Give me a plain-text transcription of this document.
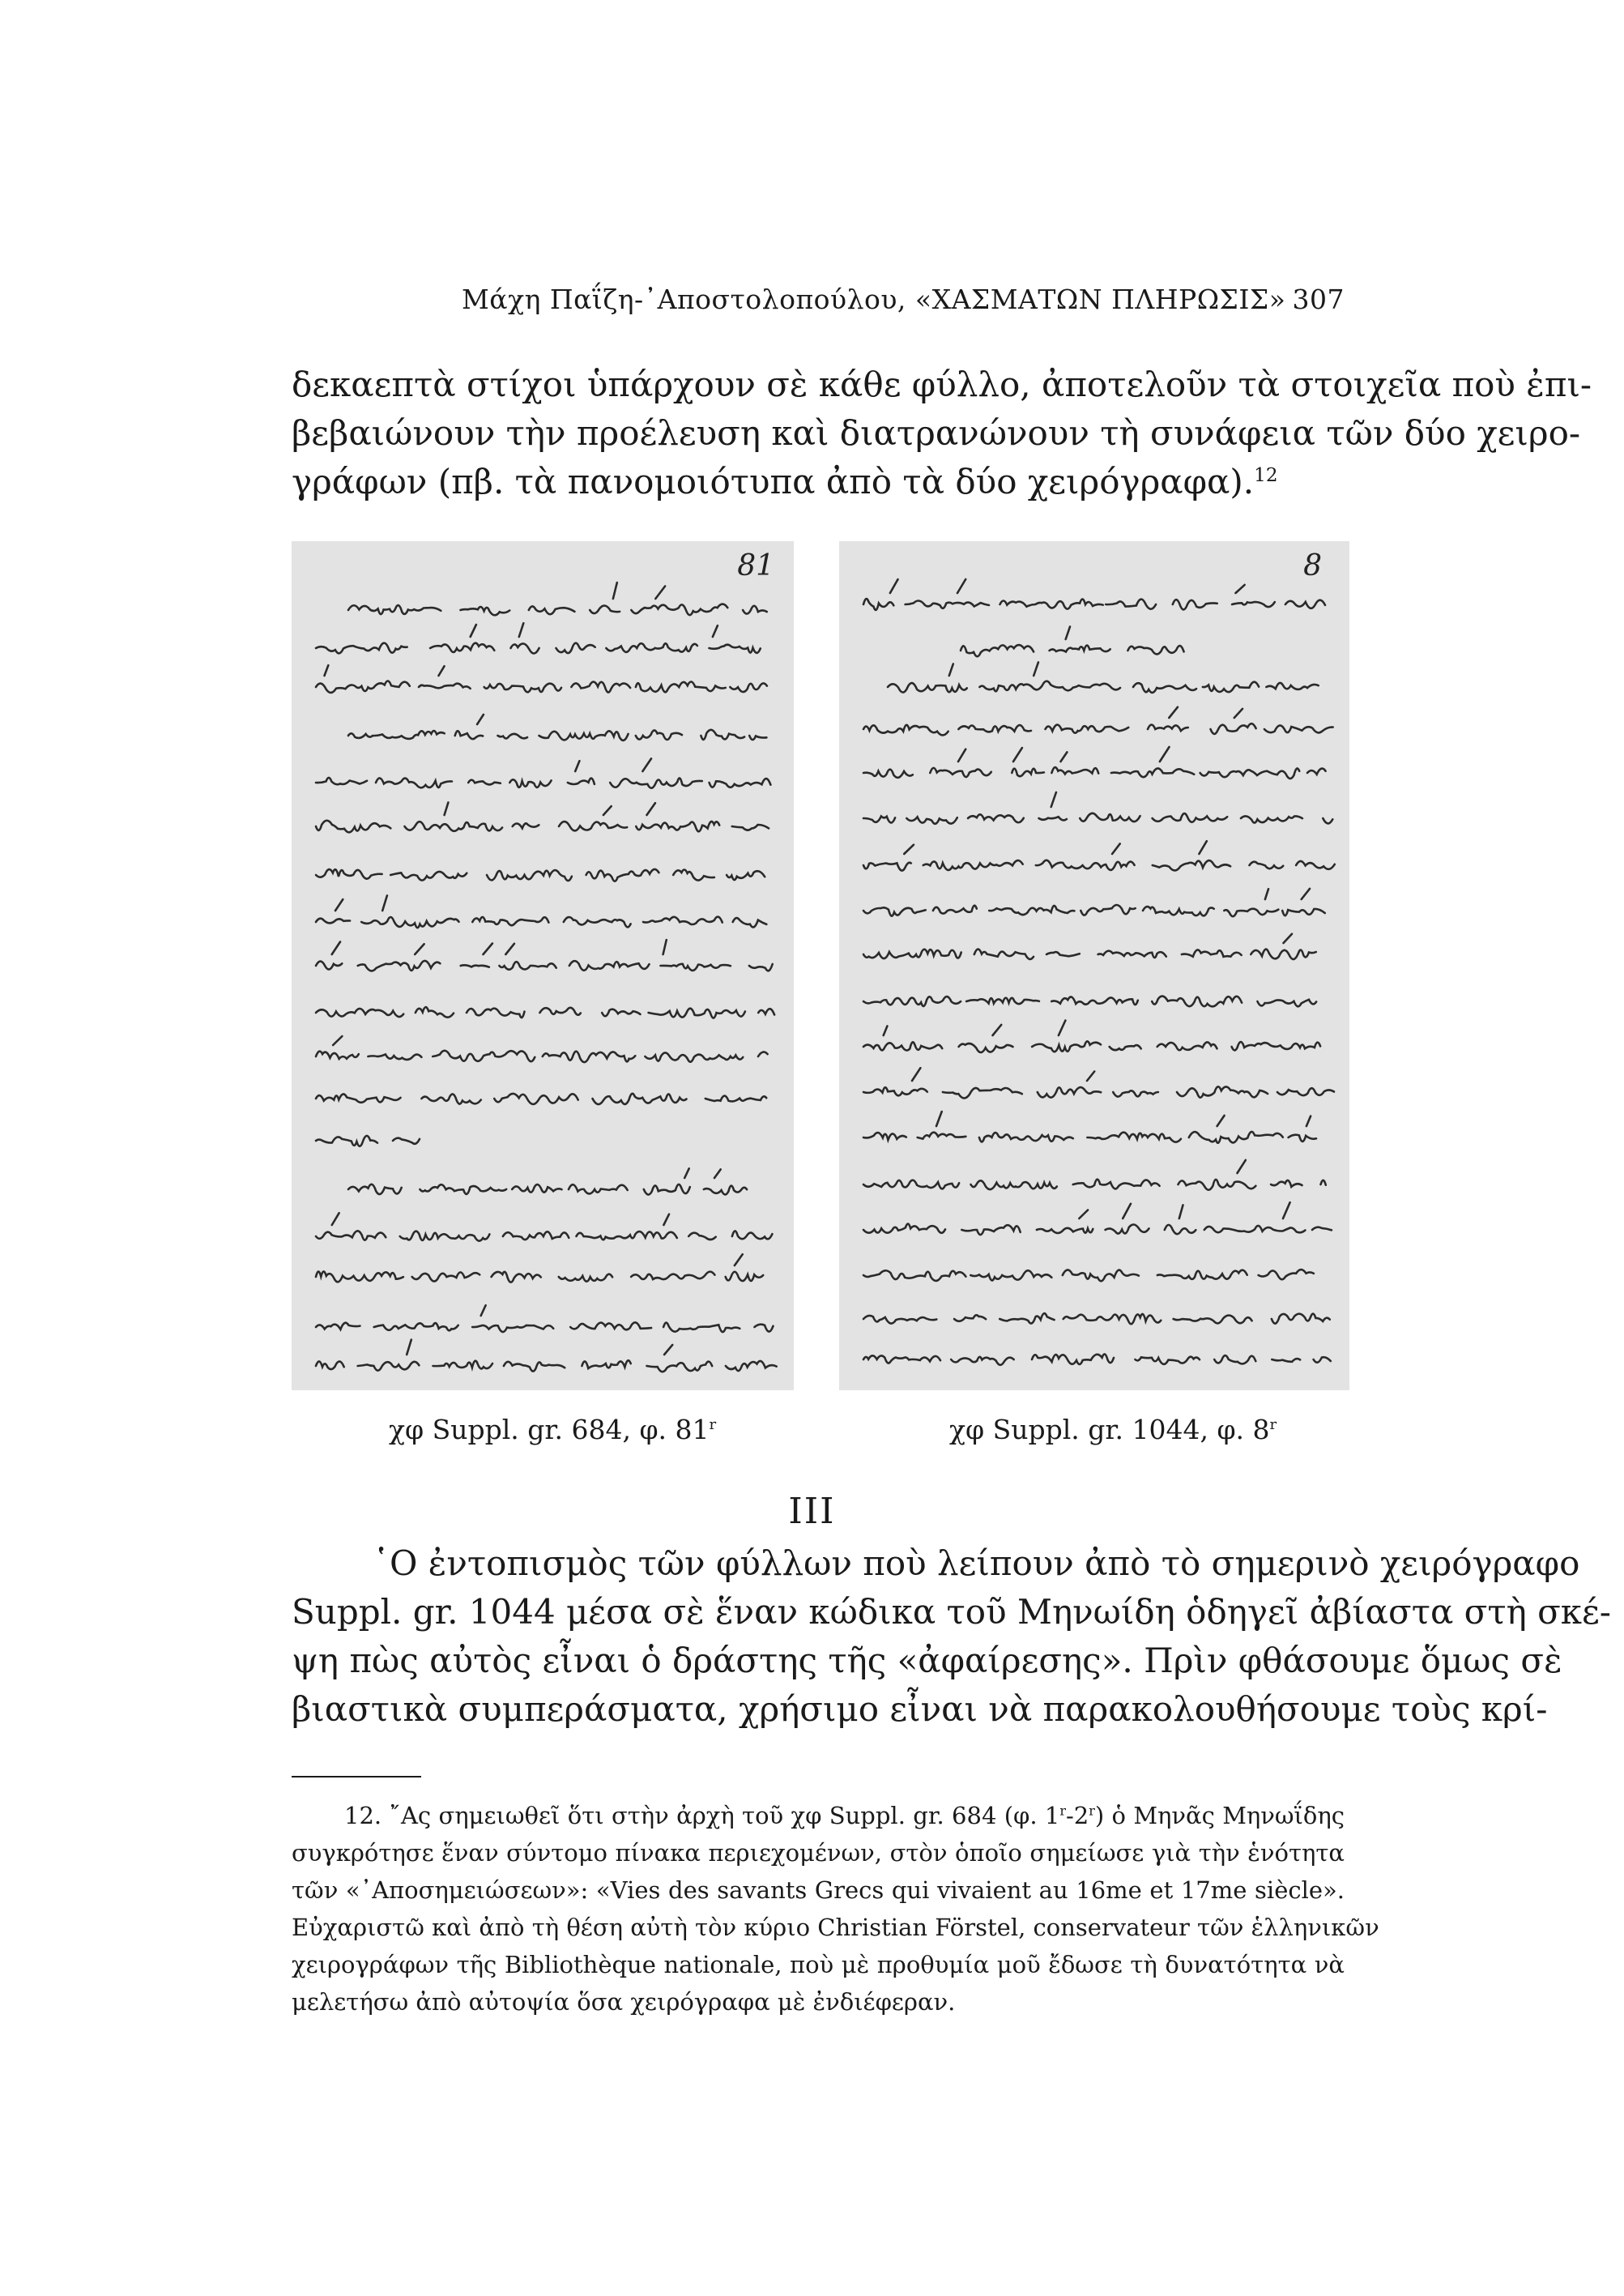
Μάχη Παΐζη-᾿Αποστολοπούλου, «ΧΑΣΜΑΤΩΝ ΠΛΗΡΩΣΙΣ» 307
δεκαεπτὰ στίχοι ὑπάρχουν σὲ κάθε φύλλο, ἀποτελοῦν τὰ στοιχεῖα ποὺ ἐπι-
βεβαιώνουν τὴν προέλευση καὶ διατρανώνουν τὴ συνάφεια τῶν δύο χειρο-
γράφων (πβ. τὰ πανομοιότυπα ἀπὸ τὰ δύο χειρόγραφα).$^{12}$
81	8
χφ Suppl. gr. 684, φ. 81$^r$	χφ Suppl. gr. 1044, φ. 8$^r$
III
῾Ο ἐντοπισμὸς τῶν φύλλων ποὺ λείπουν ἀπὸ τὸ σημερινὸ χειρόγραφο
Suppl. gr. 1044 μέσα σὲ ἕναν κώδικα τοῦ Μηνωίδη ὁδηγεῖ ἀβίαστα στὴ σκέ-
ψη πὼς αὐτὸς εἶναι ὁ δράστης τῆς «ἀφαίρεσης». Πρὶν φθάσουμε ὅμως σὲ
βιαστικὰ συμπεράσματα, χρήσιμο εἶναι νὰ παρακολουθήσουμε τοὺς κρί-
12. ῎Ας σημειωθεῖ ὅτι στὴν ἀρχὴ τοῦ χφ Suppl. gr. 684 (φ. 1$^r$-2$^r$) ὁ Μηνᾶς Μηνωΐδης
συγκρότησε ἕναν σύντομο πίνακα περιεχομένων, στὸν ὁποῖο σημείωσε γιὰ τὴν ἑνότητα
τῶν «᾿Αποσημειώσεων»: «Vies des savants Grecs qui vivaient au 16me et 17me siècle».
Εὐχαριστῶ καὶ ἀπὸ τὴ θέση αὐτὴ τὸν κύριο Christian Förstel, conservateur τῶν ἑλληνικῶν
χειρογράφων τῆς Bibliothèque nationale, ποὺ μὲ προθυμία μοῦ ἔδωσε τὴ δυνατότητα νὰ
μελετήσω ἀπὸ αὐτοψία ὅσα χειρόγραφα μὲ ἐνδιέφεραν.
